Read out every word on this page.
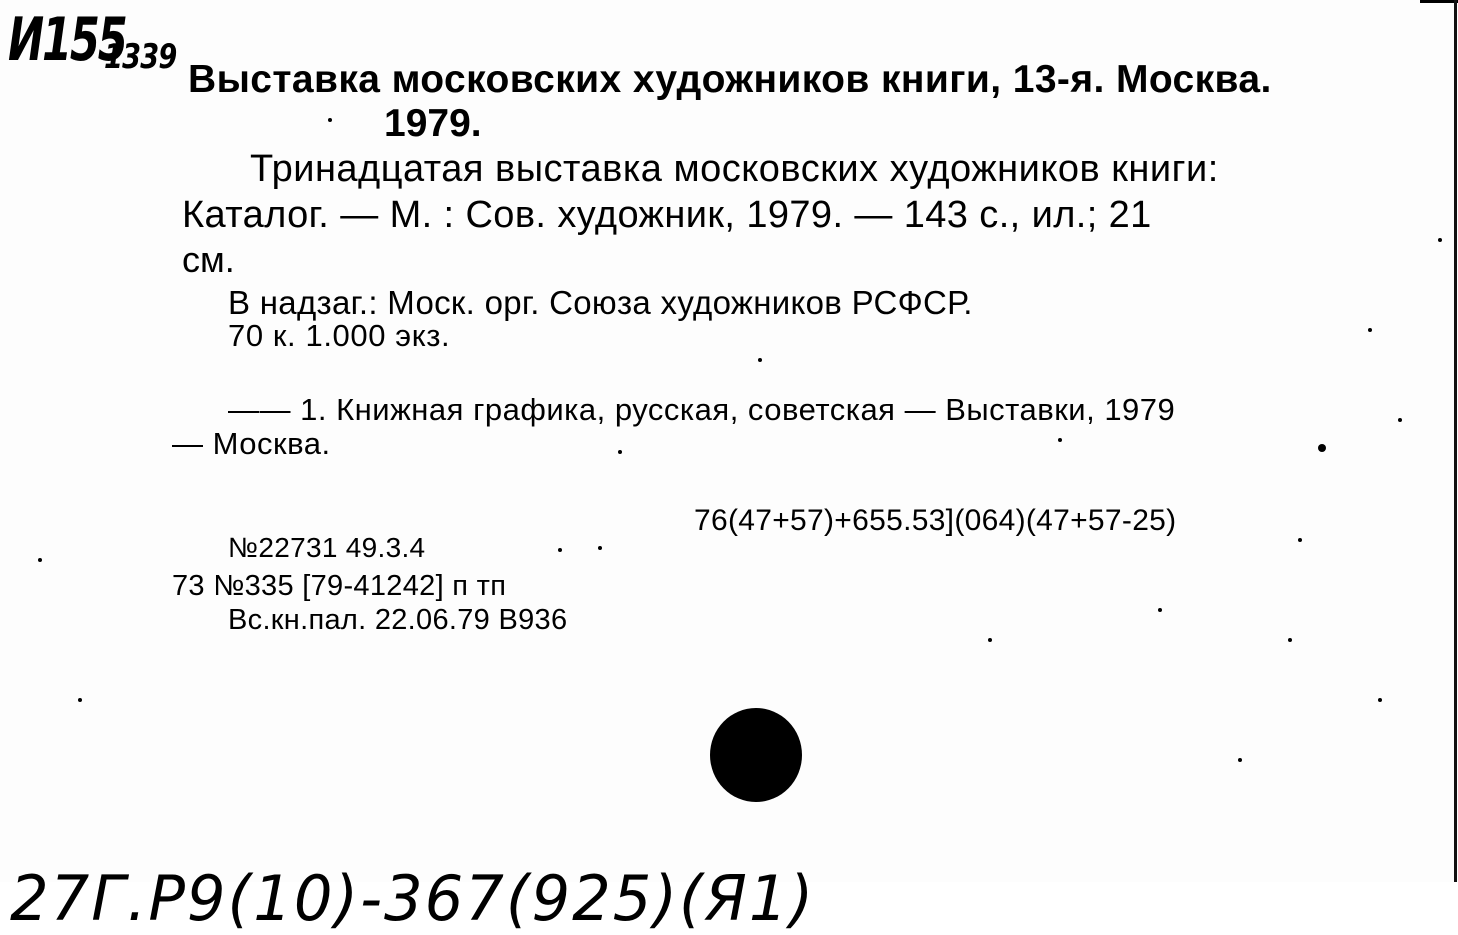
И155
1339

Выставка московских художников книги, 13-я. Москва.

1979.

Тринадцатая выставка московских художников книги:

Каталог. — М. : Сов. художник, 1979. — 143 с., ил.; 21

см.

В надзаг.: Моск. орг. Союза художников РСФСР.

70 к. 1.000 экз.

—— 1. Книжная графика, русская, советская — Выставки, 1979

— Москва.

76(47+57)+655.53](064)(47+57-25)

№22731 49.3.4

73 №335 [79-41242] п тп

Вс.кн.пал. 22.06.79 В936

27Г.Р9(10)-367(925)(Я1)
